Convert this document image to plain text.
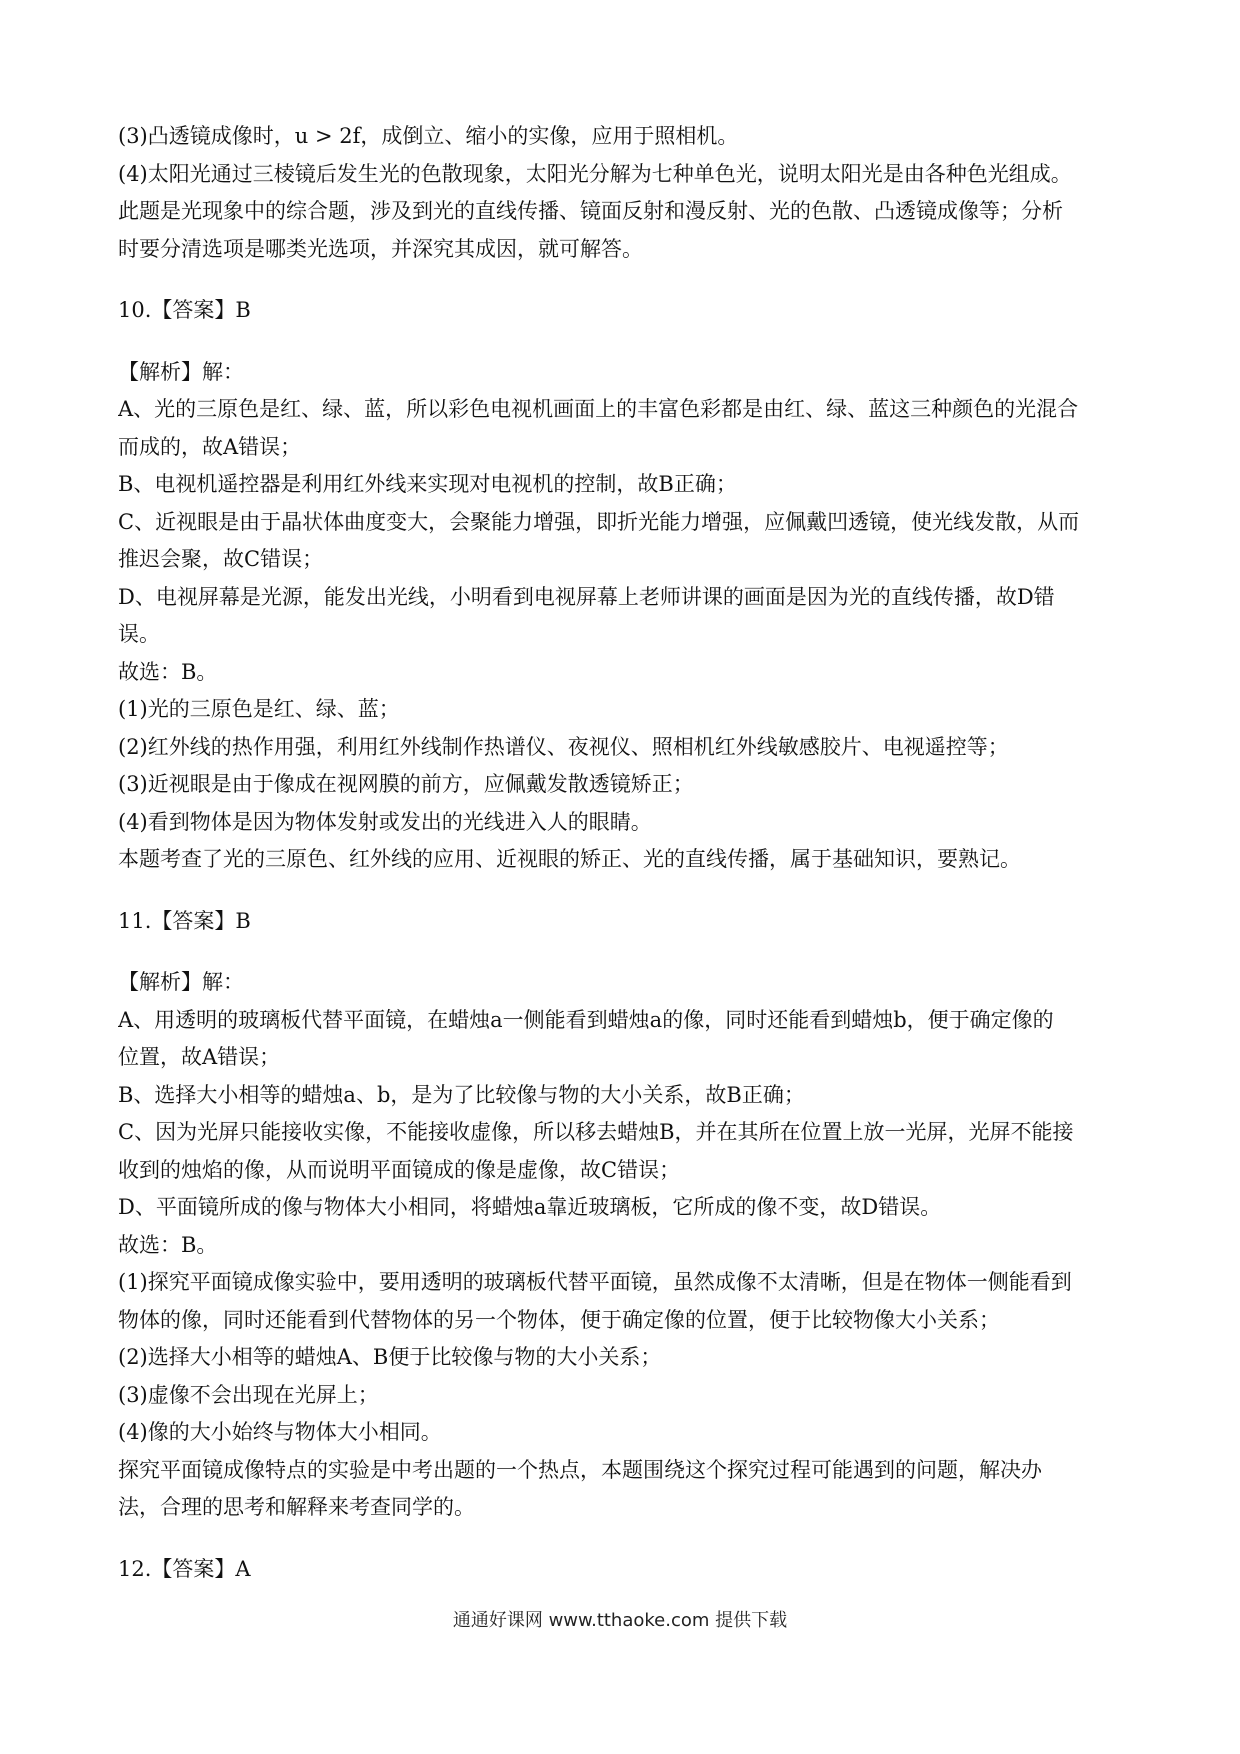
(3)凸透镜成像时，u > 2f，成倒立、缩小的实像，应用于照相机。
(4)太阳光通过三棱镜后发生光的色散现象，太阳光分解为七种单色光，说明太阳光是由各种色光组成。
此题是光现象中的综合题，涉及到光的直线传播、镜面反射和漫反射、光的色散、凸透镜成像等；分析
时要分清选项是哪类光选项，并深究其成因，就可解答。
10.【答案】B
【解析】解：
A、光的三原色是红、绿、蓝，所以彩色电视机画面上的丰富色彩都是由红、绿、蓝这三种颜色的光混合
而成的，故A错误；
B、电视机遥控器是利用红外线来实现对电视机的控制，故B正确；
C、近视眼是由于晶状体曲度变大，会聚能力增强，即折光能力增强，应佩戴凹透镜，使光线发散，从而
推迟会聚，故C错误；
D、电视屏幕是光源，能发出光线，小明看到电视屏幕上老师讲课的画面是因为光的直线传播，故D错
误。
故选：B。
(1)光的三原色是红、绿、蓝；
(2)红外线的热作用强，利用红外线制作热谱仪、夜视仪、照相机红外线敏感胶片、电视遥控等；
(3)近视眼是由于像成在视网膜的前方，应佩戴发散透镜矫正；
(4)看到物体是因为物体发射或发出的光线进入人的眼睛。
本题考查了光的三原色、红外线的应用、近视眼的矫正、光的直线传播，属于基础知识，要熟记。
11.【答案】B
【解析】解：
A、用透明的玻璃板代替平面镜，在蜡烛a一侧能看到蜡烛a的像，同时还能看到蜡烛b，便于确定像的
位置，故A错误；
B、选择大小相等的蜡烛a、b，是为了比较像与物的大小关系，故B正确；
C、因为光屏只能接收实像，不能接收虚像，所以移去蜡烛B，并在其所在位置上放一光屏，光屏不能接
收到的烛焰的像，从而说明平面镜成的像是虚像，故C错误；
D、平面镜所成的像与物体大小相同，将蜡烛a靠近玻璃板，它所成的像不变，故D错误。
故选：B。
(1)探究平面镜成像实验中，要用透明的玻璃板代替平面镜，虽然成像不太清晰，但是在物体一侧能看到
物体的像，同时还能看到代替物体的另一个物体，便于确定像的位置，便于比较物像大小关系；
(2)选择大小相等的蜡烛A、B便于比较像与物的大小关系；
(3)虚像不会出现在光屏上；
(4)像的大小始终与物体大小相同。
探究平面镜成像特点的实验是中考出题的一个热点，本题围绕这个探究过程可能遇到的问题，解决办
法，合理的思考和解释来考查同学的。
12.【答案】A
通通好课网 www.tthaoke.com 提供下载
